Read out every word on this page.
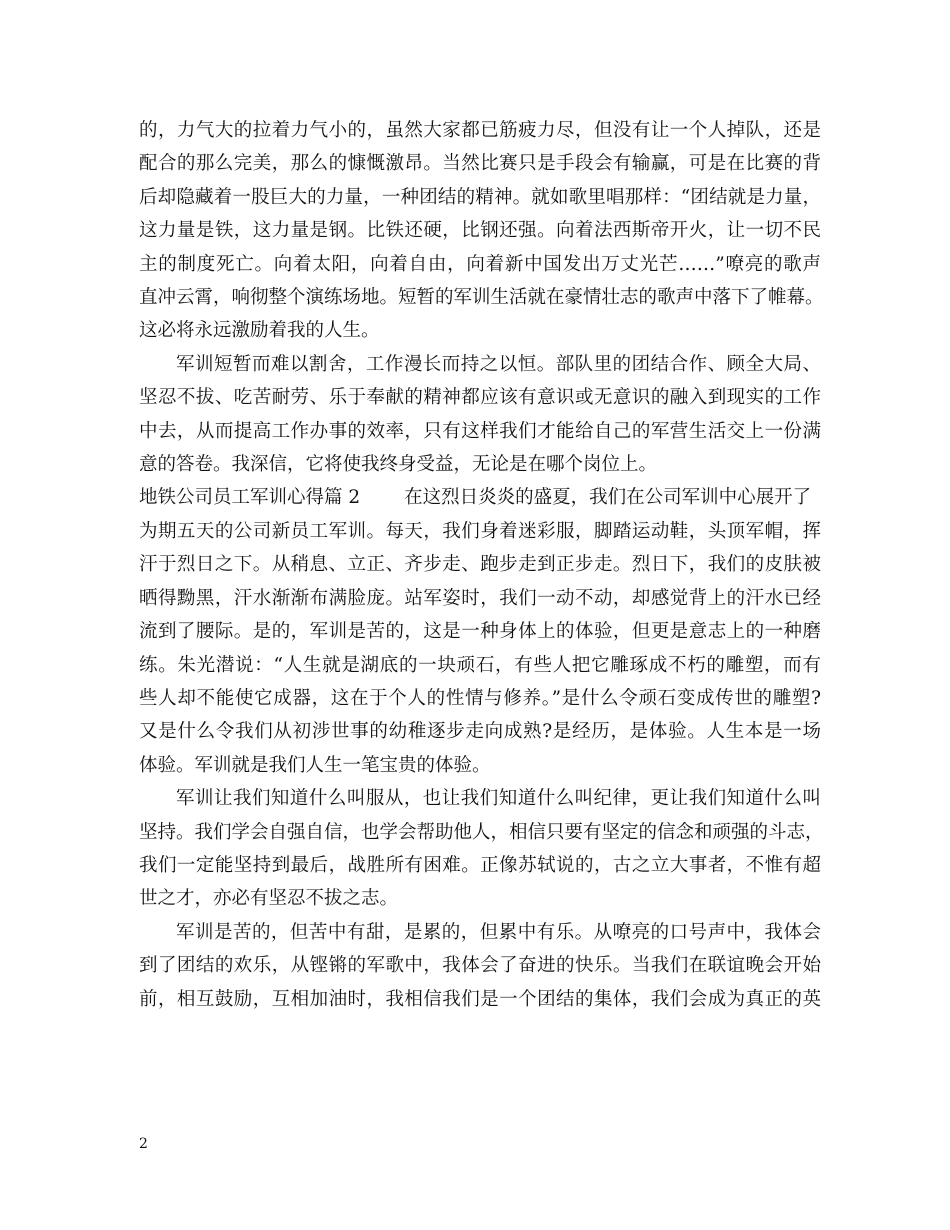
的，力气大的拉着力气小的，虽然大家都已筋疲力尽，但没有让一个人掉队，还是
配合的那么完美，那么的慷慨激昂。当然比赛只是手段会有输赢，可是在比赛的背
后却隐藏着一股巨大的力量，一种团结的精神。就如歌里唱那样：“团结就是力量，
这力量是铁，这力量是钢。比铁还硬，比钢还强。向着法西斯帝开火，让一切不民
主的制度死亡。向着太阳，向着自由，向着新中国发出万丈光芒……”嘹亮的歌声
直冲云霄，响彻整个演练场地。短暂的军训生活就在豪情壮志的歌声中落下了帷幕。
这必将永远激励着我的人生。
军训短暂而难以割舍，工作漫长而持之以恒。部队里的团结合作、顾全大局、
坚忍不拔、吃苦耐劳、乐于奉献的精神都应该有意识或无意识的融入到现实的工作
中去，从而提高工作办事的效率，只有这样我们才能给自己的军营生活交上一份满
意的答卷。我深信，它将使我终身受益，无论是在哪个岗位上。
地铁公司员工军训心得篇 2 在这烈日炎炎的盛夏，我们在公司军训中心展开了
为期五天的公司新员工军训。每天，我们身着迷彩服，脚踏运动鞋，头顶军帽，挥
汗于烈日之下。从稍息、立正、齐步走、跑步走到正步走。烈日下，我们的皮肤被
晒得黝黑，汗水渐渐布满脸庞。站军姿时，我们一动不动，却感觉背上的汗水已经
流到了腰际。是的，军训是苦的，这是一种身体上的体验，但更是意志上的一种磨
练。朱光潜说：“人生就是湖底的一块顽石，有些人把它雕琢成不朽的雕塑，而有
些人却不能使它成器，这在于个人的性情与修养。”是什么令顽石变成传世的雕塑?
又是什么令我们从初涉世事的幼稚逐步走向成熟?是经历，是体验。人生本是一场
体验。军训就是我们人生一笔宝贵的体验。
军训让我们知道什么叫服从，也让我们知道什么叫纪律，更让我们知道什么叫
坚持。我们学会自强自信，也学会帮助他人，相信只要有坚定的信念和顽强的斗志，
我们一定能坚持到最后，战胜所有困难。正像苏轼说的，古之立大事者，不惟有超
世之才，亦必有坚忍不拔之志。
军训是苦的，但苦中有甜，是累的，但累中有乐。从嘹亮的口号声中，我体会
到了团结的欢乐，从铿锵的军歌中，我体会了奋进的快乐。当我们在联谊晚会开始
前，相互鼓励，互相加油时，我相信我们是一个团结的集体，我们会成为真正的英
2
